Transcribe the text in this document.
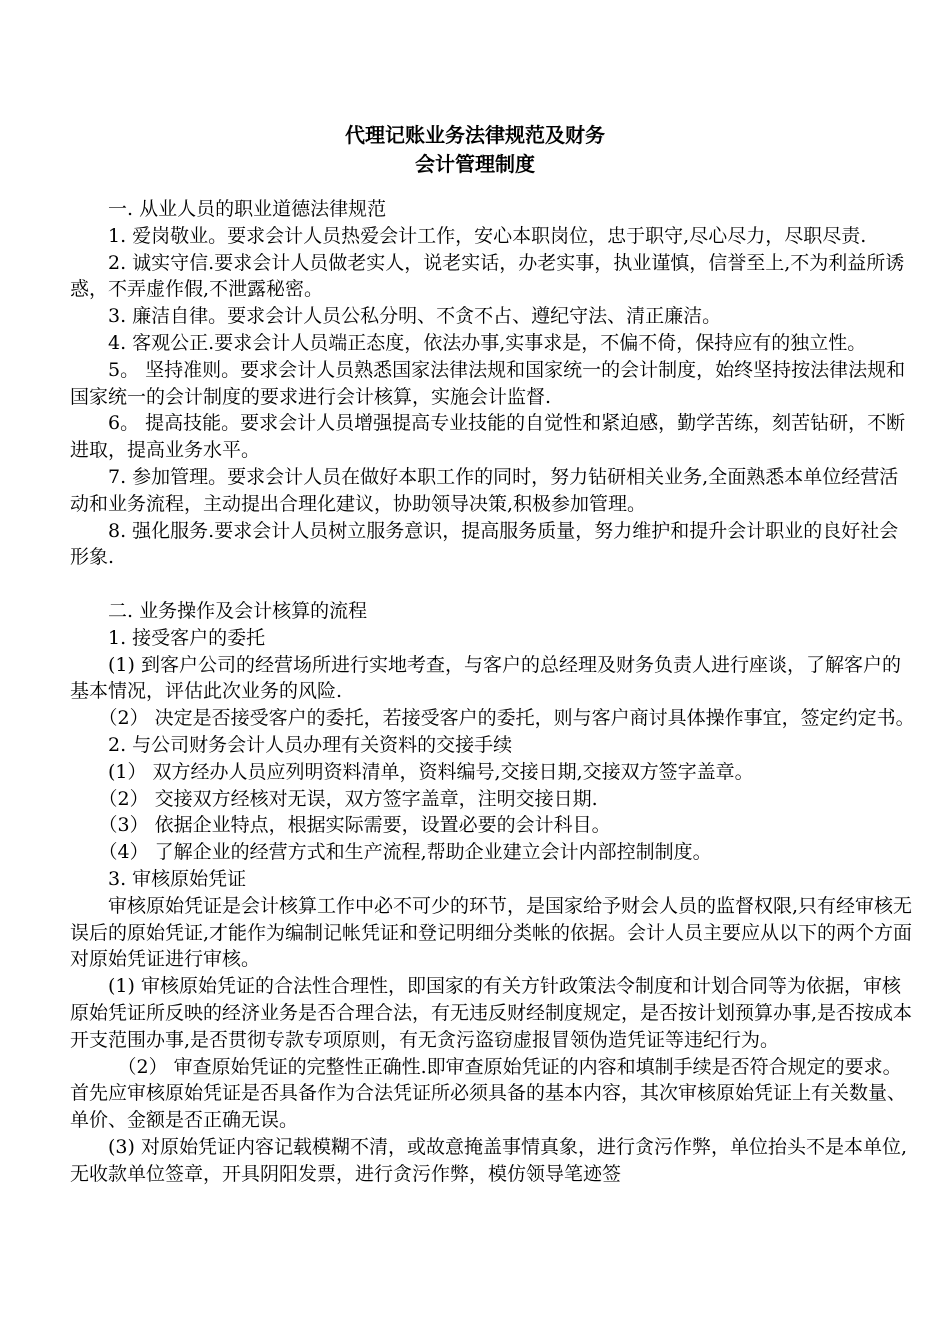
代理记账业务法律规范及财务
会计管理制度

　　一. 从业人员的职业道德法律规范

　　1. 爱岗敬业。要求会计人员热爱会计工作，安心本职岗位，忠于职守,尽心尽力，尽职尽责.

　　2. 诚实守信.要求会计人员做老实人，说老实话，办老实事，执业谨慎，信誉至上,不为利益所诱惑，不弄虚作假,不泄露秘密。

　　3. 廉洁自律。要求会计人员公私分明、不贪不占、遵纪守法、清正廉洁。

　　4. 客观公正.要求会计人员端正态度，依法办事,实事求是，不偏不倚，保持应有的独立性。

　　5。 坚持准则。要求会计人员熟悉国家法律法规和国家统一的会计制度，始终坚持按法律法规和国家统一的会计制度的要求进行会计核算，实施会计监督.

　　6。 提高技能。要求会计人员增强提高专业技能的自觉性和紧迫感，勤学苦练，刻苦钻研，不断进取，提高业务水平。

　　7. 参加管理。要求会计人员在做好本职工作的同时，努力钻研相关业务,全面熟悉本单位经营活动和业务流程，主动提出合理化建议，协助领导决策,积极参加管理。

　　8. 强化服务.要求会计人员树立服务意识，提高服务质量，努力维护和提升会计职业的良好社会形象.

　　二. 业务操作及会计核算的流程

　　1. 接受客户的委托

　　(1) 到客户公司的经营场所进行实地考查，与客户的总经理及财务负责人进行座谈，了解客户的基本情况，评估此次业务的风险.

　　（2） 决定是否接受客户的委托，若接受客户的委托，则与客户商讨具体操作事宜，签定约定书。

　　2. 与公司财务会计人员办理有关资料的交接手续

　　(1） 双方经办人员应列明资料清单，资料编号,交接日期,交接双方签字盖章。

　　（2） 交接双方经核对无误，双方签字盖章，注明交接日期.

　　（3） 依据企业特点，根据实际需要，设置必要的会计科目。

　　（4） 了解企业的经营方式和生产流程,帮助企业建立会计内部控制制度。

　　3. 审核原始凭证

　　审核原始凭证是会计核算工作中必不可少的环节，是国家给予财会人员的监督权限,只有经审核无误后的原始凭证,才能作为编制记帐凭证和登记明细分类帐的依据。会计人员主要应从以下的两个方面对原始凭证进行审核。

　　(1) 审核原始凭证的合法性合理性，即国家的有关方针政策法令制度和计划合同等为依据，审核原始凭证所反映的经济业务是否合理合法，有无违反财经制度规定，是否按计划预算办事,是否按成本开支范围办事,是否贯彻专款专项原则，有无贪污盗窃虚报冒领伪造凭证等违纪行为。

　　　（2） 审查原始凭证的完整性正确性.即审查原始凭证的内容和填制手续是否符合规定的要求。首先应审核原始凭证是否具备作为合法凭证所必须具备的基本内容，其次审核原始凭证上有关数量、单价、金额是否正确无误。

　　(3) 对原始凭证内容记载模糊不清，或故意掩盖事情真象，进行贪污作弊，单位抬头不是本单位,无收款单位签章，开具阴阳发票，进行贪污作弊，模仿领导笔迹签
